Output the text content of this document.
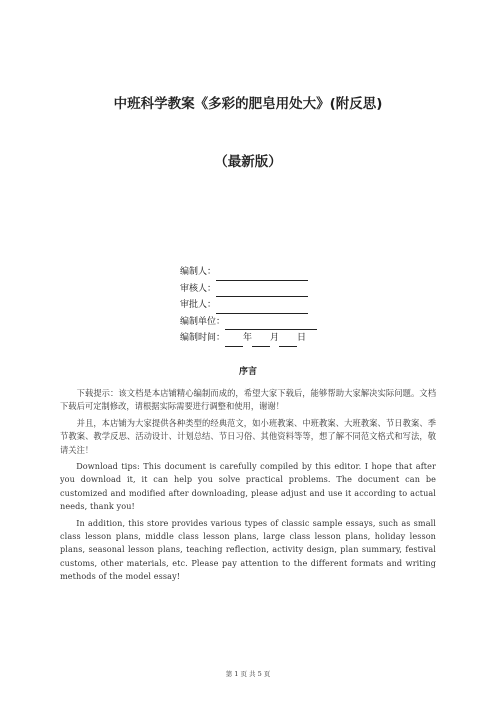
中班科学教案《多彩的肥皂用处大》(附反思)
（最新版）
编制人：
审核人：
审批人：
编制单位：
编制时间： 年 月 日
序言

下载提示：该文档是本店铺精心编制而成的，希望大家下载后，能够帮助大家解决实际问题。文档下载后可定制修改，请根据实际需要进行调整和使用，谢谢！

并且，本店铺为大家提供各种类型的经典范文，如小班教案、中班教案、大班教案、节日教案、季节教案、教学反思、活动设计、计划总结、节日习俗、其他资料等等，想了解不同范文格式和写法，敬请关注！

Download tips: This document is carefully compiled by this editor. I hope that after you download it, it can help you solve practical problems. The document can be customized and modified after downloading, please adjust and use it according to actual needs, thank you!

In addition, this store provides various types of classic sample essays, such as small class lesson plans, middle class lesson plans, large class lesson plans, holiday lesson plans, seasonal lesson plans, teaching reflection, activity design, plan summary, festival customs, other materials, etc. Please pay attention to the different formats and writing methods of the model essay!

第 1 页 共 5 页
